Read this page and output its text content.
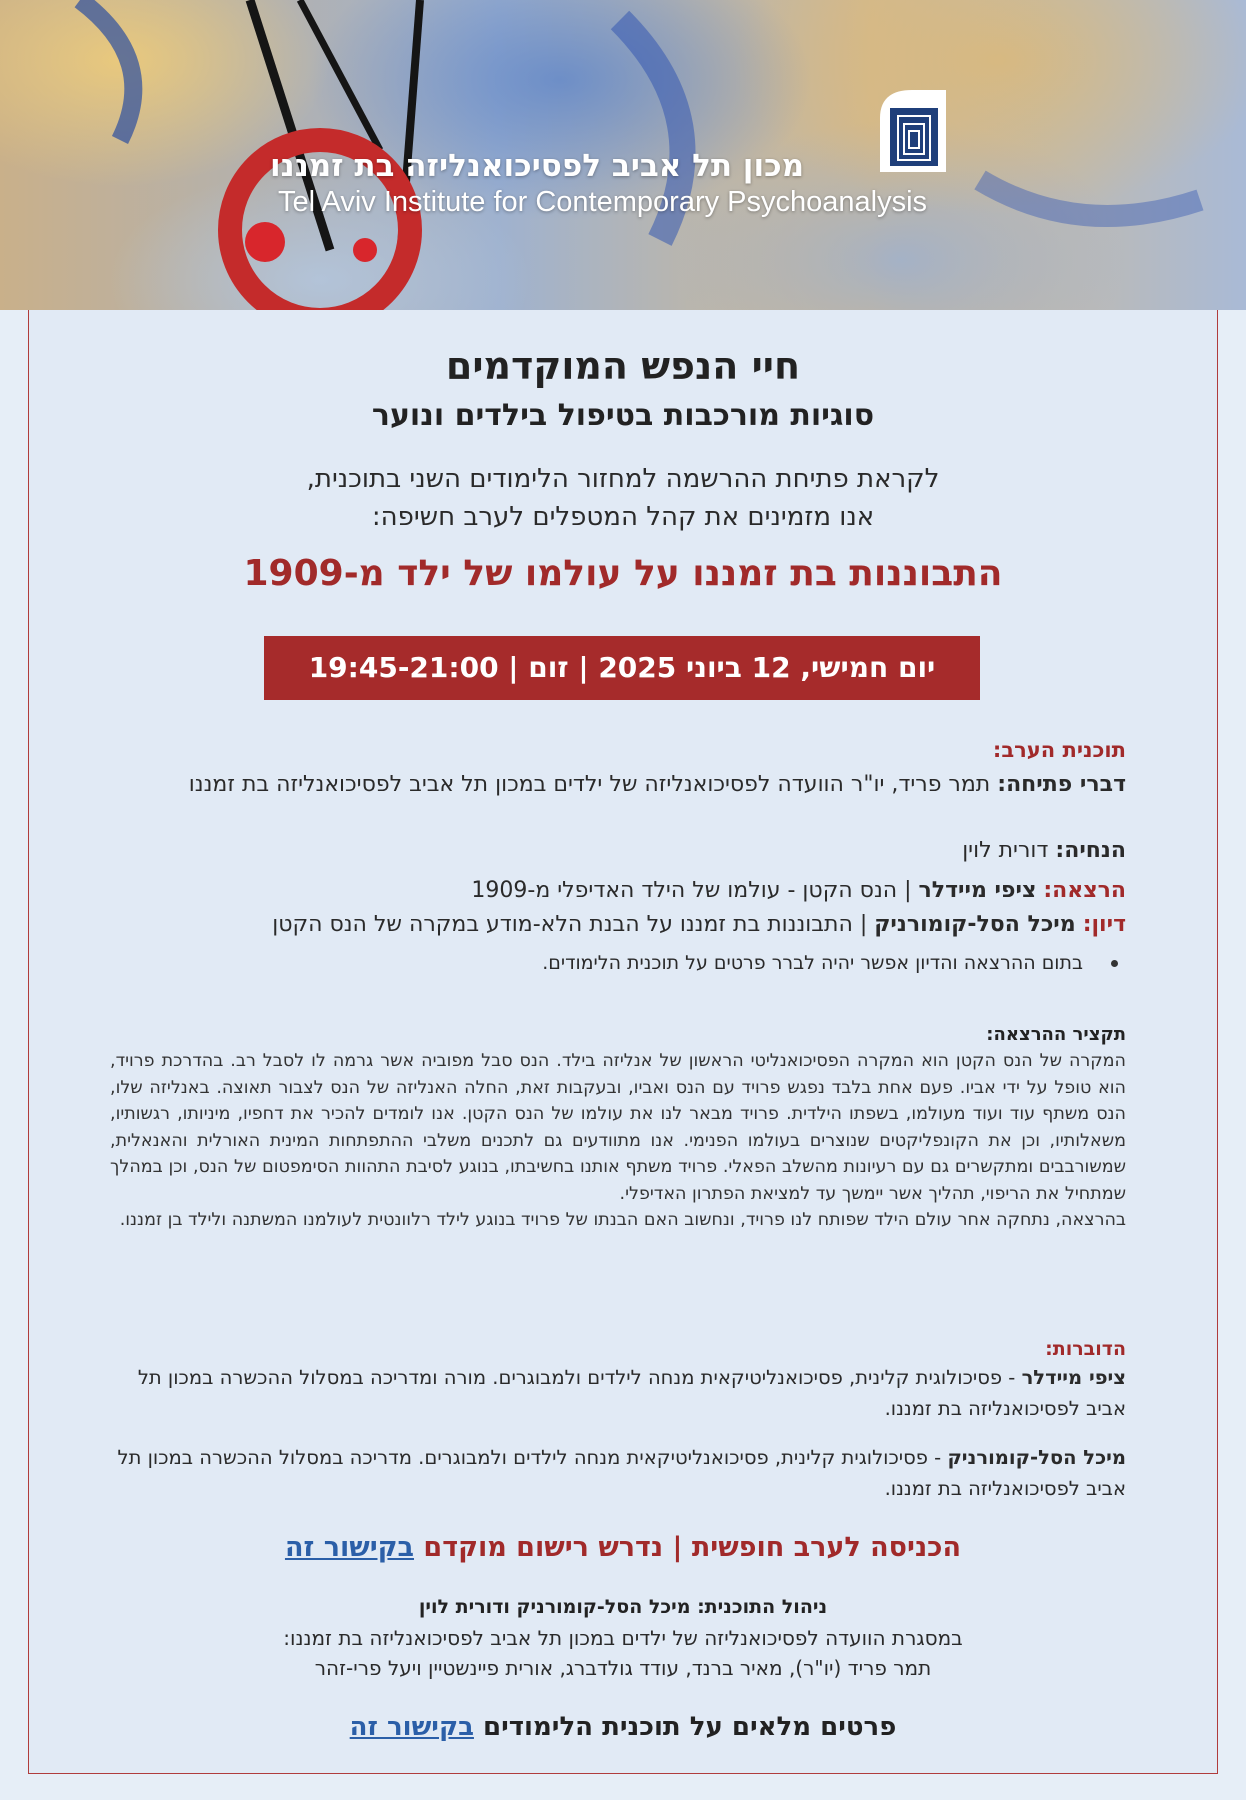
מכון תל אביב לפסיכואנליזה בת זמננו
Tel Aviv Institute for Contemporary Psychoanalysis
חיי הנפש המוקדמים
סוגיות מורכבות בטיפול בילדים ונוער
לקראת פתיחת ההרשמה למחזור הלימודים השני בתוכנית,
אנו מזמינים את קהל המטפלים לערב חשיפה:
התבוננות בת זמננו על עולמו של ילד מ-1909
יום חמישי, 12 ביוני 2025 | זום | 19:45-21:00
תוכנית הערב:
דברי פתיחה: תמר פריד, יו"ר הוועדה לפסיכואנליזה של ילדים במכון תל אביב לפסיכואנליזה בת זמננו
הנחיה: דורית לוין
הרצאה: ציפי מיידלר | הנס הקטן - עולמו של הילד האדיפלי מ-1909
דיון: מיכל הסל-קומורניק | התבוננות בת זמננו על הבנת הלא-מודע במקרה של הנס הקטן
בתום ההרצאה והדיון אפשר יהיה לברר פרטים על תוכנית הלימודים.
תקציר ההרצאה:
המקרה של הנס הקטן הוא המקרה הפסיכואנליטי הראשון של אנליזה בילד. הנס סבל מפוביה אשר גרמה לו לסבל רב. בהדרכת פרויד, הוא טופל על ידי אביו. פעם אחת בלבד נפגש פרויד עם הנס ואביו, ובעקבות זאת, החלה האנליזה של הנס לצבור תאוצה. באנליזה שלו, הנס משתף עוד ועוד מעולמו, בשפתו הילדית. פרויד מבאר לנו את עולמו של הנס הקטן. אנו לומדים להכיר את דחפיו, מיניותו, רגשותיו, משאלותיו, וכן את הקונפליקטים שנוצרים בעולמו הפנימי. אנו מתוודעים גם לתכנים משלבי ההתפתחות המינית האורלית והאנאלית, שמשורבבים ומתקשרים גם עם רעיונות מהשלב הפאלי. פרויד משתף אותנו בחשיבתו, בנוגע לסיבת התהוות הסימפטום של הנס, וכן במהלך שמתחיל את הריפוי, תהליך אשר יימשך עד למציאת הפתרון האדיפלי.
בהרצאה, נתחקה אחר עולם הילד שפותח לנו פרויד, ונחשוב האם הבנתו של פרויד בנוגע לילד רלוונטית לעולמנו המשתנה ולילד בן זמננו.
הדוברות:
ציפי מיידלר - פסיכולוגית קלינית, פסיכואנליטיקאית מנחה לילדים ולמבוגרים. מורה ומדריכה במסלול ההכשרה במכון תל אביב לפסיכואנליזה בת זמננו.
מיכל הסל-קומורניק - פסיכולוגית קלינית, פסיכואנליטיקאית מנחה לילדים ולמבוגרים. מדריכה במסלול ההכשרה במכון תל אביב לפסיכואנליזה בת זמננו.
הכניסה לערב חופשית | נדרש רישום מוקדם בקישור זה
ניהול התוכנית: מיכל הסל-קומורניק ודורית לוין
במסגרת הוועדה לפסיכואנליזה של ילדים במכון תל אביב לפסיכואנליזה בת זמננו:
תמר פריד (יו"ר), מאיר ברנד, עודד גולדברג, אורית פיינשטיין ויעל פרי-זהר
פרטים מלאים על תוכנית הלימודים בקישור זה
